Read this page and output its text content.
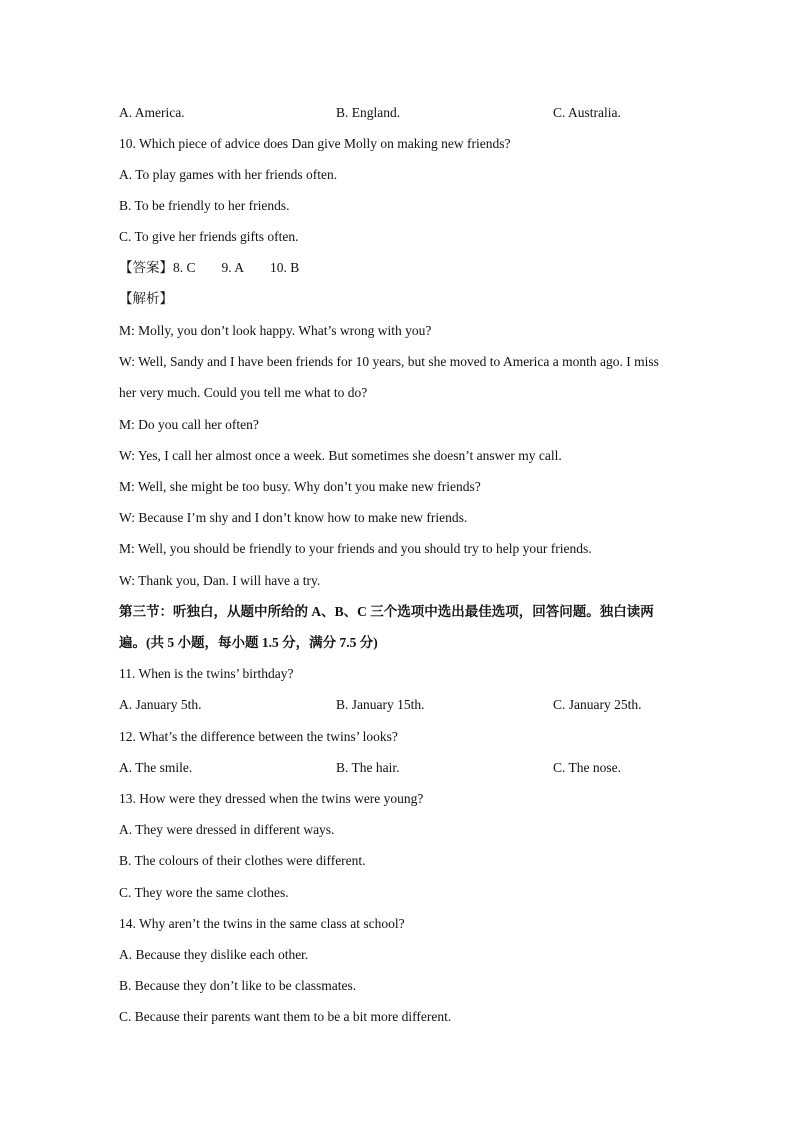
A. America.	B. England.	C. Australia.
10. Which piece of advice does Dan give Molly on making new friends?
A. To play games with her friends often.
B. To be friendly to her friends.
C. To give her friends gifts often.
【答案】8. C 9. A 10. B
【解析】
M: Molly, you don’t look happy. What’s wrong with you?
W: Well, Sandy and I have been friends for 10 years, but she moved to America a month ago. I miss
her very much. Could you tell me what to do?
M: Do you call her often?
W: Yes, I call her almost once a week. But sometimes she doesn’t answer my call.
M: Well, she might be too busy. Why don’t you make new friends?
W: Because I’m shy and I don’t know how to make new friends.
M: Well, you should be friendly to your friends and you should try to help your friends.
W: Thank you, Dan. I will have a try.
第三节：听独白，从题中所给的 A、B、C 三个选项中选出最佳选项，回答问题。独白读两
遍。(共 5 小题，每小题 1.5 分，满分 7.5 分)
11. When is the twins’ birthday?
A. January 5th.	B. January 15th.	C. January 25th.
12. What’s the difference between the twins’ looks?
A. The smile.	B. The hair.	C. The nose.
13. How were they dressed when the twins were young?
A. They were dressed in different ways.
B. The colours of their clothes were different.
C. They wore the same clothes.
14. Why aren’t the twins in the same class at school?
A. Because they dislike each other.
B. Because they don’t like to be classmates.
C. Because their parents want them to be a bit more different.
